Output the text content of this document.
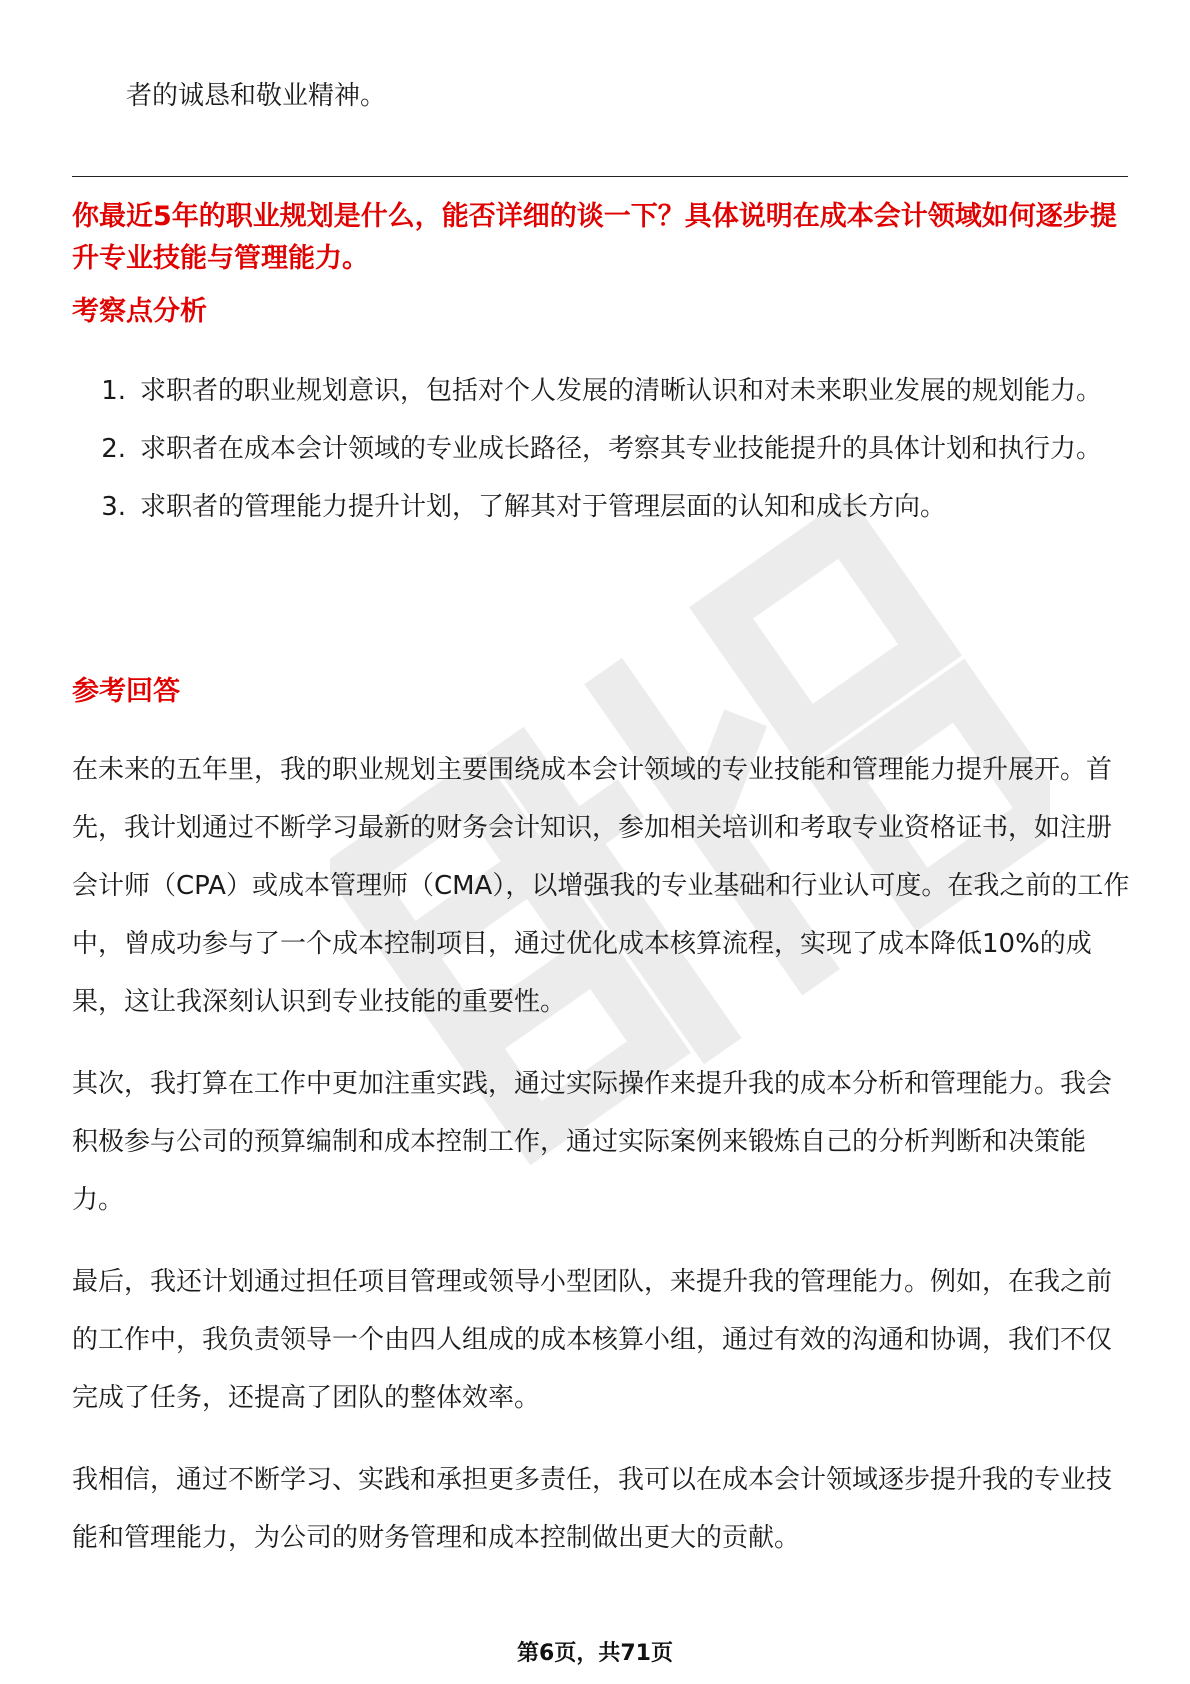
者的诚恳和敬业精神。

你最近5年的职业规划是什么，能否详细的谈一下？具体说明在成本会计领域如何逐步提升专业技能与管理能力。
考察点分析
1. 求职者的职业规划意识，包括对个人发展的清晰认识和对未来职业发展的规划能力。
2. 求职者在成本会计领域的专业成长路径，考察其专业技能提升的具体计划和执行力。
3. 求职者的管理能力提升计划，了解其对于管理层面的认知和成长方向。
参考回答

在未来的五年里，我的职业规划主要围绕成本会计领域的专业技能和管理能力提升展开。首先，我计划通过不断学习最新的财务会计知识，参加相关培训和考取专业资格证书，如注册会计师（CPA）或成本管理师（CMA），以增强我的专业基础和行业认可度。在我之前的工作中，曾成功参与了一个成本控制项目，通过优化成本核算流程，实现了成本降低10%的成果，这让我深刻认识到专业技能的重要性。

其次，我打算在工作中更加注重实践，通过实际操作来提升我的成本分析和管理能力。我会积极参与公司的预算编制和成本控制工作，通过实际案例来锻炼自己的分析判断和决策能力。

最后，我还计划通过担任项目管理或领导小型团队，来提升我的管理能力。例如，在我之前的工作中，我负责领导一个由四人组成的成本核算小组，通过有效的沟通和协调，我们不仅完成了任务，还提高了团队的整体效率。

我相信，通过不断学习、实践和承担更多责任，我可以在成本会计领域逐步提升我的专业技能和管理能力，为公司的财务管理和成本控制做出更大的贡献。

第6页，共71页
